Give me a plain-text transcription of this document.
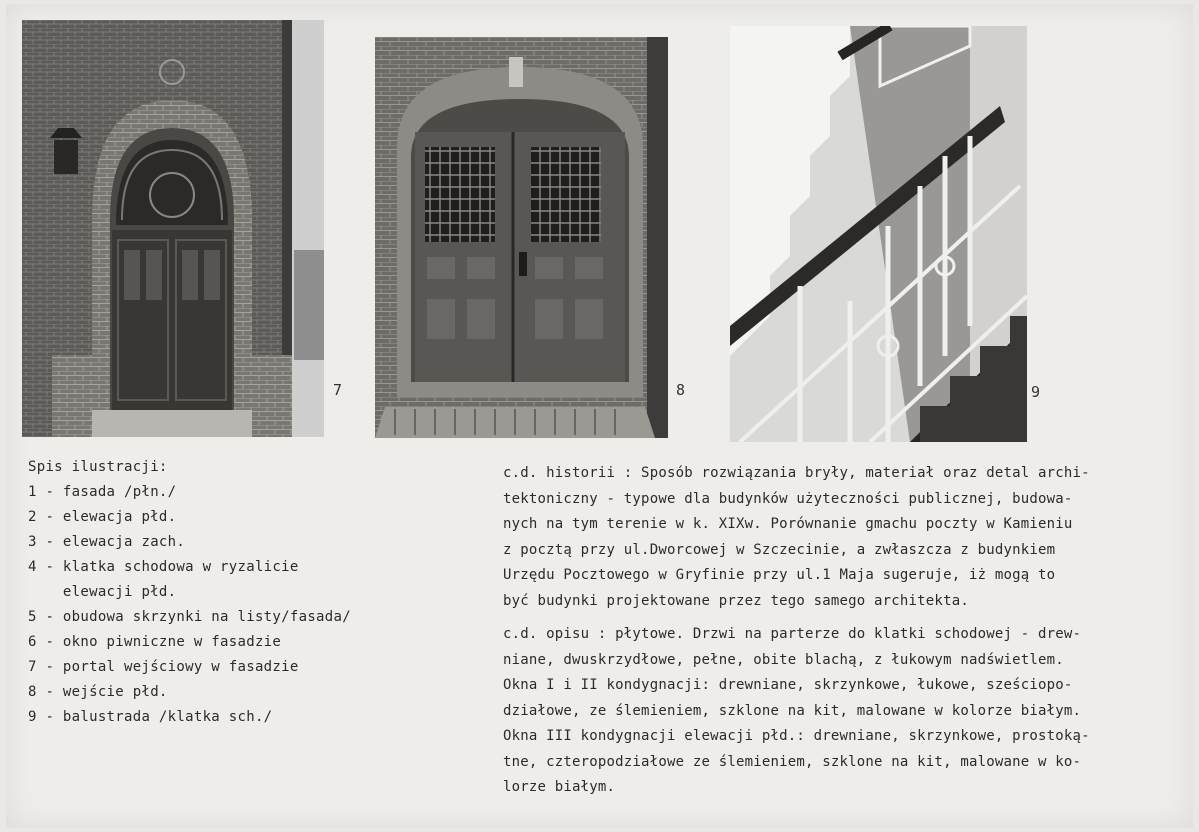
7	8	9
Spis ilustracji:
1 - fasada /płn./
2 - elewacja płd.
3 - elewacja zach.
4 - klatka schodowa w ryzalicie
elewacji płd.
5 - obudowa skrzynki na listy/fasada/
6 - okno piwniczne w fasadzie
7 - portal wejściowy w fasadzie
8 - wejście płd.
9 - balustrada /klatka sch./
c.d. historii : Sposób rozwiązania bryły, materiał oraz detal archi-
tektoniczny - typowe dla budynków użyteczności publicznej, budowa-
nych na tym terenie w k. XIXw. Porównanie gmachu poczty w Kamieniu
z pocztą przy ul.Dworcowej w Szczecinie, a zwłaszcza z budynkiem
Urzędu Pocztowego w Gryfinie przy ul.1 Maja sugeruje, iż mogą to
być budynki projektowane przez tego samego architekta.
c.d. opisu : płytowe. Drzwi na parterze do klatki schodowej - drew-
niane, dwuskrzydłowe, pełne, obite blachą, z łukowym nadświetlem.
Okna I i II kondygnacji: drewniane, skrzynkowe, łukowe, sześciopo-
działowe, ze ślemieniem, szklone na kit, malowane w kolorze białym.
Okna III kondygnacji elewacji płd.: drewniane, skrzynkowe, prostoką-
tne, czteropodziałowe ze ślemieniem, szklone na kit, malowane w ko-
lorze białym.
